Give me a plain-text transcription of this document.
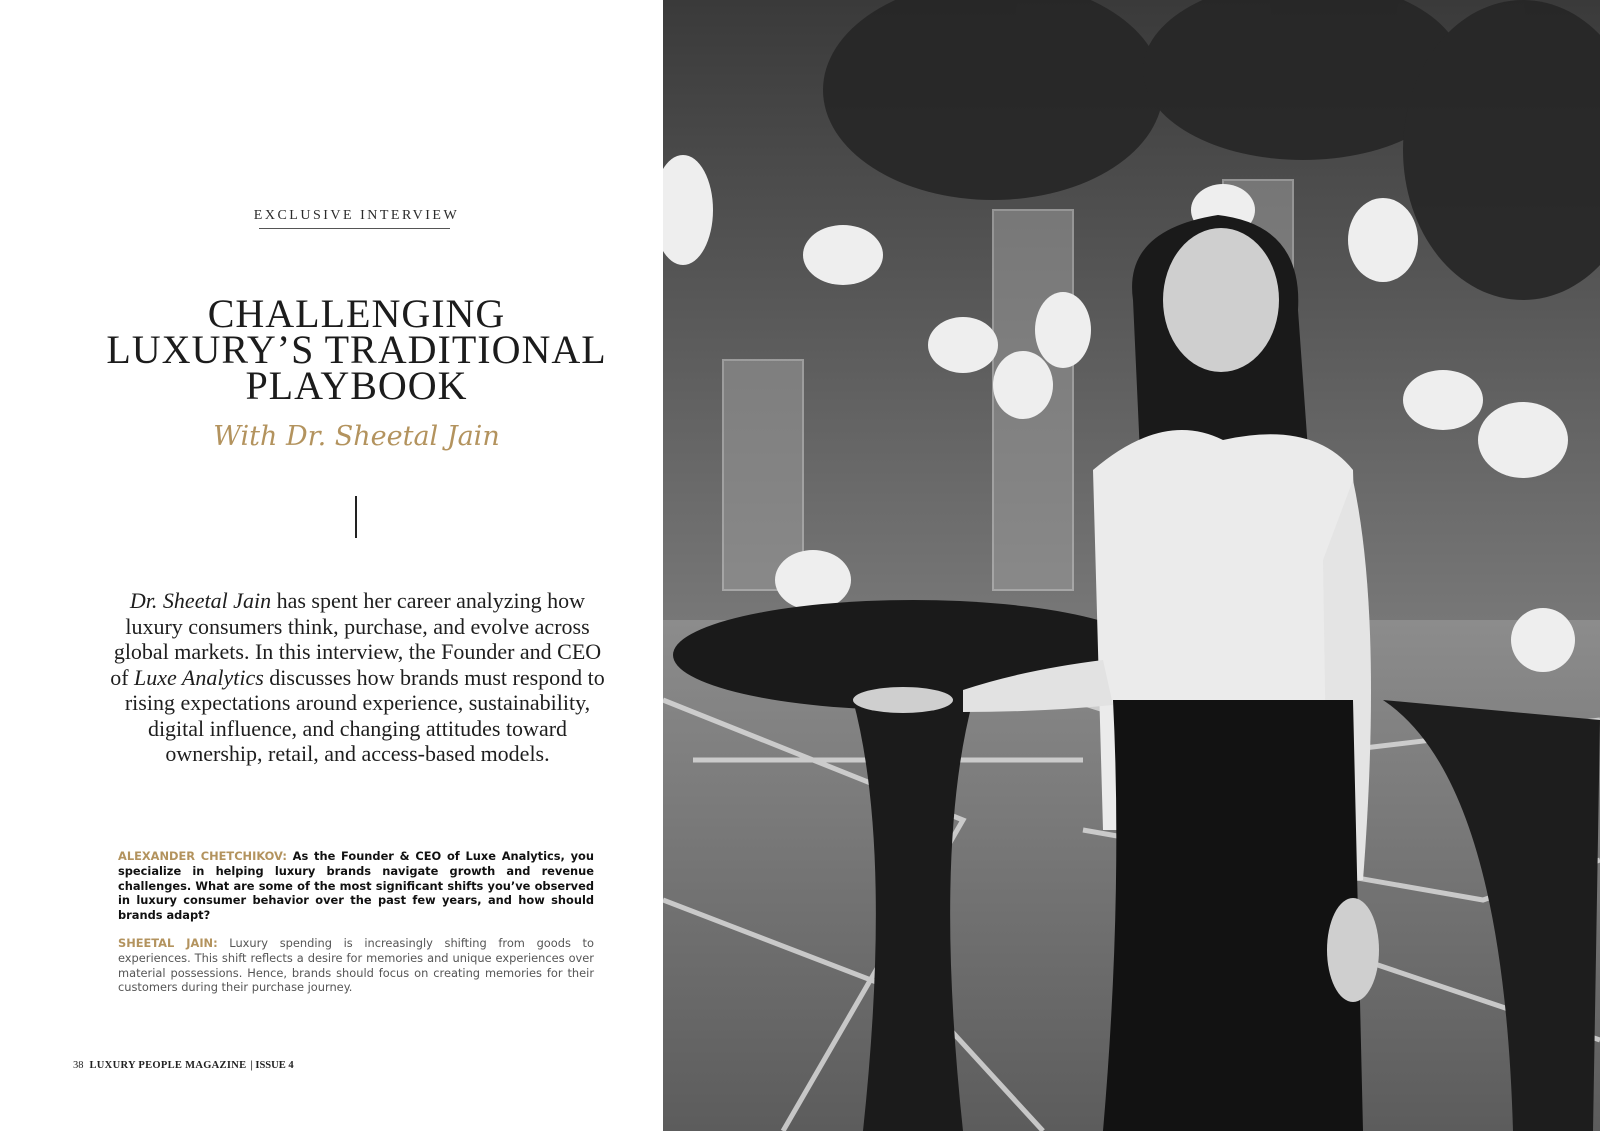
EXCLUSIVE INTERVIEW
CHALLENGING
LUXURY’S TRADITIONAL
PLAYBOOK
With Dr. Sheetal Jain

Dr. Sheetal Jain has spent her career analyzing how luxury consumers think, purchase, and evolve across global markets. In this interview, the Founder and CEO of Luxe Analytics discusses how brands must respond to rising expectations around experience, sustainability, digital influence, and changing attitudes toward ownership, retail, and access-based models.

ALEXANDER CHETCHIKOV: As the Founder & CEO of Luxe Analytics, you specialize in helping luxury brands navigate growth and revenue challenges. What are some of the most significant shifts you’ve observed in luxury consumer behavior over the past few years, and how should brands adapt?

SHEETAL JAIN: Luxury spending is increasingly shifting from goods to experiences. This shift reflects a desire for memories and unique experiences over material possessions. Hence, brands should focus on creating memories for their customers during their purchase journey.

38 LUXURY PEOPLE MAGAZINE | ISSUE 4
